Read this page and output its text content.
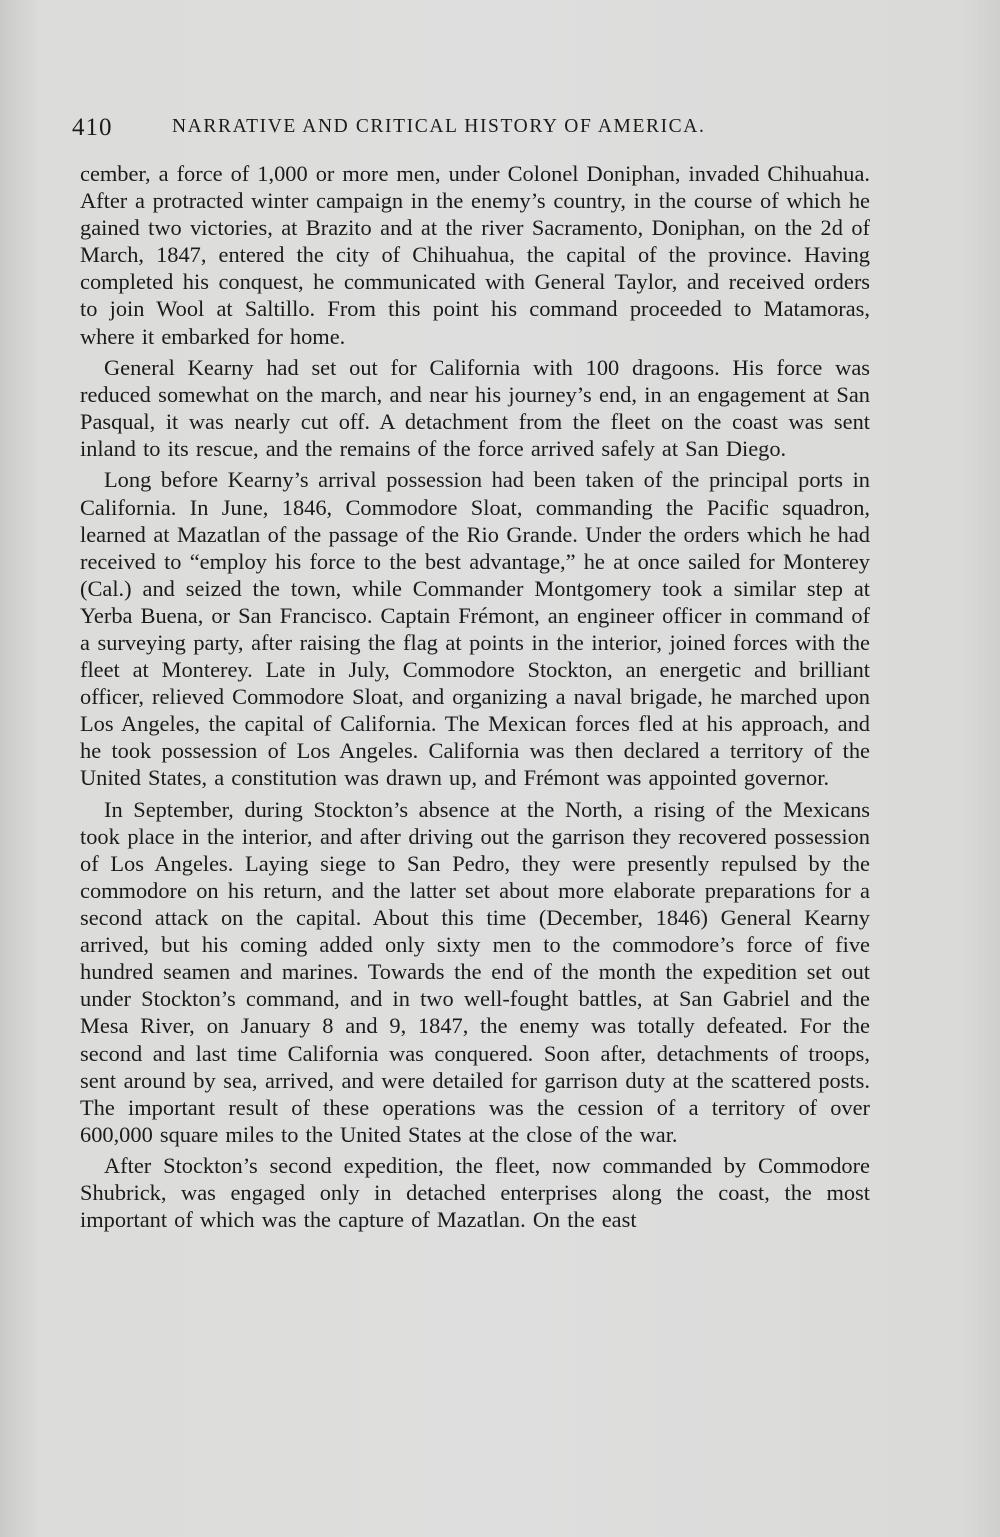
410	NARRATIVE AND CRITICAL HISTORY OF AMERICA.

cember, a force of 1,000 or more men, under Colonel Doniphan, invaded Chihuahua. After a protracted winter campaign in the enemy’s country, in the course of which he gained two victories, at Brazito and at the river Sacramento, Doniphan, on the 2d of March, 1847, entered the city of Chihuahua, the capital of the province. Having completed his conquest, he communicated with General Taylor, and received orders to join Wool at Saltillo. From this point his command proceeded to Matamoras, where it embarked for home.

General Kearny had set out for California with 100 dragoons. His force was reduced somewhat on the march, and near his journey’s end, in an engagement at San Pasqual, it was nearly cut off. A detachment from the fleet on the coast was sent inland to its rescue, and the remains of the force arrived safely at San Diego.

Long before Kearny’s arrival possession had been taken of the principal ports in California. In June, 1846, Commodore Sloat, commanding the Pacific squadron, learned at Mazatlan of the passage of the Rio Grande. Under the orders which he had received to “employ his force to the best advantage,” he at once sailed for Monterey (Cal.) and seized the town, while Commander Montgomery took a similar step at Yerba Buena, or San Francisco. Captain Frémont, an engineer officer in command of a surveying party, after raising the flag at points in the interior, joined forces with the fleet at Monterey. Late in July, Commodore Stockton, an energetic and brilliant officer, relieved Commodore Sloat, and organizing a naval brigade, he marched upon Los Angeles, the capital of California. The Mexican forces fled at his approach, and he took possession of Los Angeles. California was then declared a territory of the United States, a constitution was drawn up, and Frémont was appointed governor.

In September, during Stockton’s absence at the North, a rising of the Mexicans took place in the interior, and after driving out the garrison they recovered possession of Los Angeles. Laying siege to San Pedro, they were presently repulsed by the commodore on his return, and the latter set about more elaborate preparations for a second attack on the capital. About this time (December, 1846) General Kearny arrived, but his coming added only sixty men to the commodore’s force of five hundred seamen and marines. Towards the end of the month the expedition set out under Stockton’s command, and in two well-fought battles, at San Gabriel and the Mesa River, on January 8 and 9, 1847, the enemy was totally defeated. For the second and last time California was conquered. Soon after, detachments of troops, sent around by sea, arrived, and were detailed for garrison duty at the scattered posts. The important result of these operations was the cession of a territory of over 600,000 square miles to the United States at the close of the war.

After Stockton’s second expedition, the fleet, now commanded by Commodore Shubrick, was engaged only in detached enterprises along the coast, the most important of which was the capture of Mazatlan. On the east
